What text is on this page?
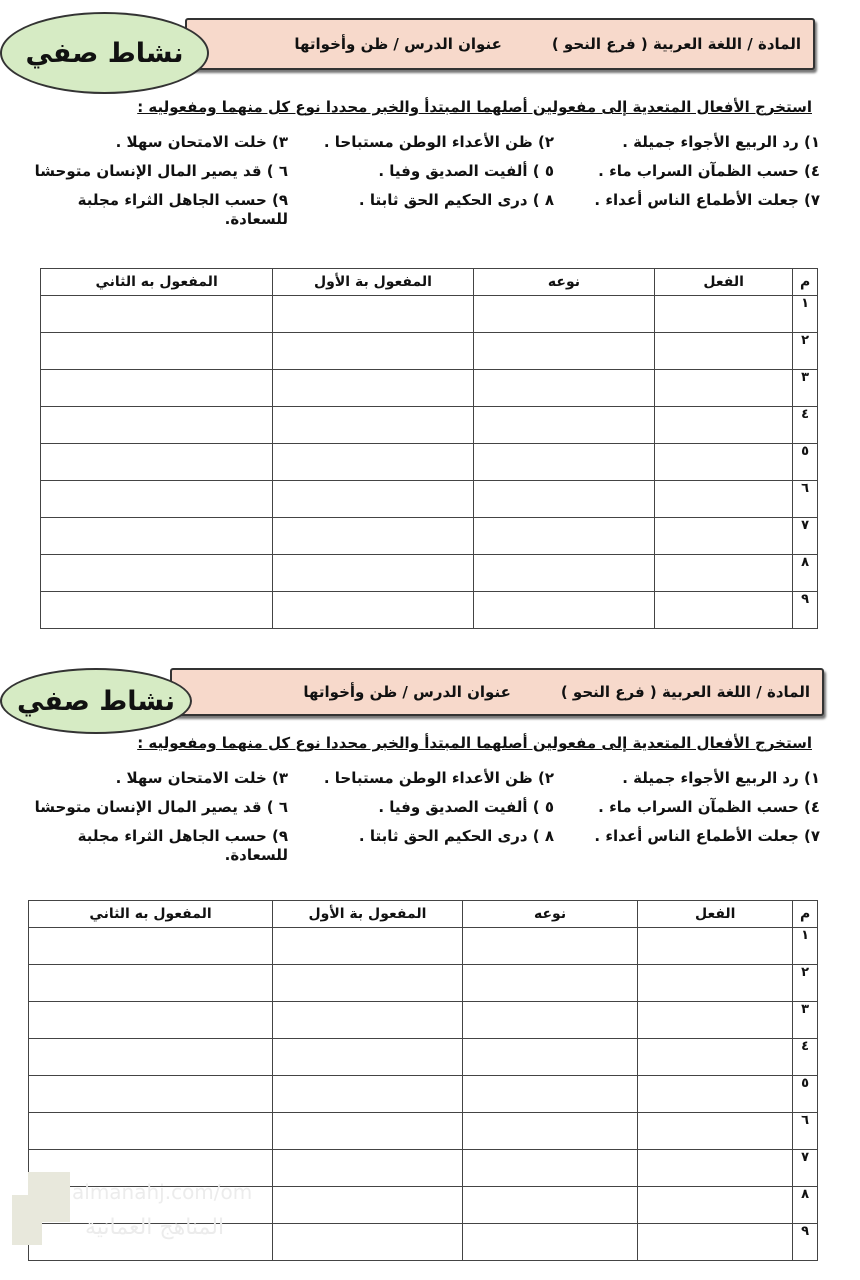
المادة / اللغة العربية ( فرع النحو )
عنوان الدرس / ظن وأخواتها
نشاط صفي
استخرج الأفعال المتعدية إلى مفعولين أصلهما المبتدأ والخبر محددا نوع كل منهما ومفعوليه :
١) رد الربيع الأجواء جميلة .
٢) ظن الأعداء الوطن مستباحا .
٣) خلت الامتحان سهلا .
٤) حسب الظمآن السراب ماء .
٥ ) ألفيت الصديق وفيا .
٦ ) قد يصير المال الإنسان متوحشا
٧) جعلت الأطماع الناس أعداء .
٨ ) درى الحكيم الحق ثابتا .
٩) حسب الجاهل الثراء مجلبة للسعادة.
م	الفعل	نوعه	المفعول بة الأول	المفعول به الثاني
١				
٢				
٣				
٤				
٥				
٦				
٧				
٨				
٩				
المادة / اللغة العربية ( فرع النحو )
عنوان الدرس / ظن وأخواتها
نشاط صفي
استخرج الأفعال المتعدية إلى مفعولين أصلهما المبتدأ والخبر محددا نوع كل منهما ومفعوليه :
١) رد الربيع الأجواء جميلة .
٢) ظن الأعداء الوطن مستباحا .
٣) خلت الامتحان سهلا .
٤) حسب الظمآن السراب ماء .
٥ ) ألفيت الصديق وفيا .
٦ ) قد يصير المال الإنسان متوحشا
٧) جعلت الأطماع الناس أعداء .
٨ ) درى الحكيم الحق ثابتا .
٩) حسب الجاهل الثراء مجلبة للسعادة.
م	الفعل	نوعه	المفعول بة الأول	المفعول به الثاني
١				
٢				
٣				
٤				
٥				
٦				
٧				
٨				
٩				
almanahj.com/om
المناهج العمانية
